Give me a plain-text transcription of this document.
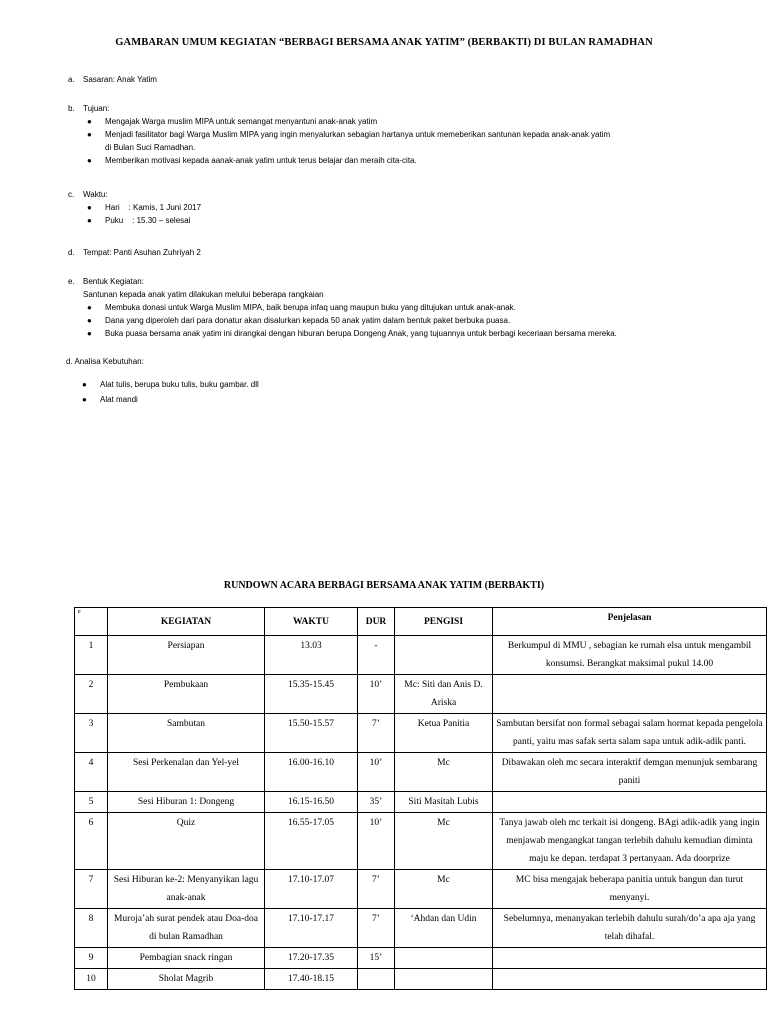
GAMBARAN UMUM KEGIATAN “BERBAGI BERSAMA ANAK YATIM” (BERBAKTI) DI BULAN RAMADHAN
a. Sasaran: Anak Yatim

b. Tujuan:

● Mengajak Warga muslim MIPA untuk semangat menyantuni anak-anak yatim

● Menjadi fasilitator bagi Warga Muslim MIPA yang ingin menyalurkan sebagian hartanya untuk memeberikan santunan kepada anak-anak yatim

di Bulan Suci Ramadhan.

● Memberikan motivasi kepada aanak-anak yatim untuk terus belajar dan meraih cita-cita.

c. Waktu:

● Hari    : Kamis, 1 Juni 2017

● Puku    : 15.30 – selesai

d. Tempat: Panti Asuhan Zuhriyah 2

e. Bentuk Kegiatan:

Santunan kepada anak yatim dilakukan melului beberapa rangkaian

● Membuka donasi untuk Warga Muslim MIPA, baik berupa infaq uang maupun buku yang ditujukan untuk anak-anak.

● Dana yang diperoleh dari para donatur akan disalurkan kepada 50 anak yatim dalam bentuk paket berbuka puasa.

● Buka puasa bersama anak yatim ini dirangkai dengan hiburan berupa Dongeng Anak, yang tujuannya untuk berbagi keceriaan bersama mereka.

d. Analisa Kebutuhan:

● Alat tulis, berupa buku tulis, buku gambar. dll

● Alat mandi

RUNDOWN ACARA BERBAGI BERSAMA ANAK YATIM (BERBAKTI)
c	KEGIATAN	WAKTU	DUR	PENGISI	Penjelasan
1	Persiapan	13.03	-		Berkumpul di MMU , sebagian ke rumah elsa untuk mengambil konsumsi. Berangkat maksimal pukul 14.00
2	Pembukaan	15.35-15.45	10’	Mc: Siti dan Anis D. Ariska	
3	Sambutan	15.50-15.57	7’	Ketua Panitia	Sambutan bersifat non formal sebagai salam hormat kepada pengelola panti, yaitu mas safak serta salam sapa untuk adik-adik panti.
4	Sesi Perkenalan dan Yel-yel	16.00-16.10	10’	Mc	Dibawakan oleh mc secara interaktif demgan menunjuk sembarang paniti
5	Sesi Hiburan 1: Dongeng	16.15-16.50	35’	Siti Masitah Lubis	
6	Quiz	16.55-17.05	10’	Mc	Tanya jawab oleh mc terkait isi dongeng. BAgi adik-adik yang ingin menjawab mengangkat tangan terlebih dahulu kemudian diminta maju ke depan. terdapat 3 pertanyaan. Ada doorprize
7	Sesi Hiburan ke-2: Menyanyikan lagu anak-anak	17.10-17.07	7’	Mc	MC bisa mengajak beberapa panitia untuk bangun dan turut menyanyi.
8	Muroja’ah surat pendek atau Doa-doa di bulan Ramadhan	17.10-17.17	7’	‘Ahdan dan Udin	Sebelumnya, menanyakan terlebih dahulu surah/do’a apa aja yang telah dihafal.
9	Pembagian snack ringan	17.20-17.35	15’		
10	Sholat Magrib	17.40-18.15			
